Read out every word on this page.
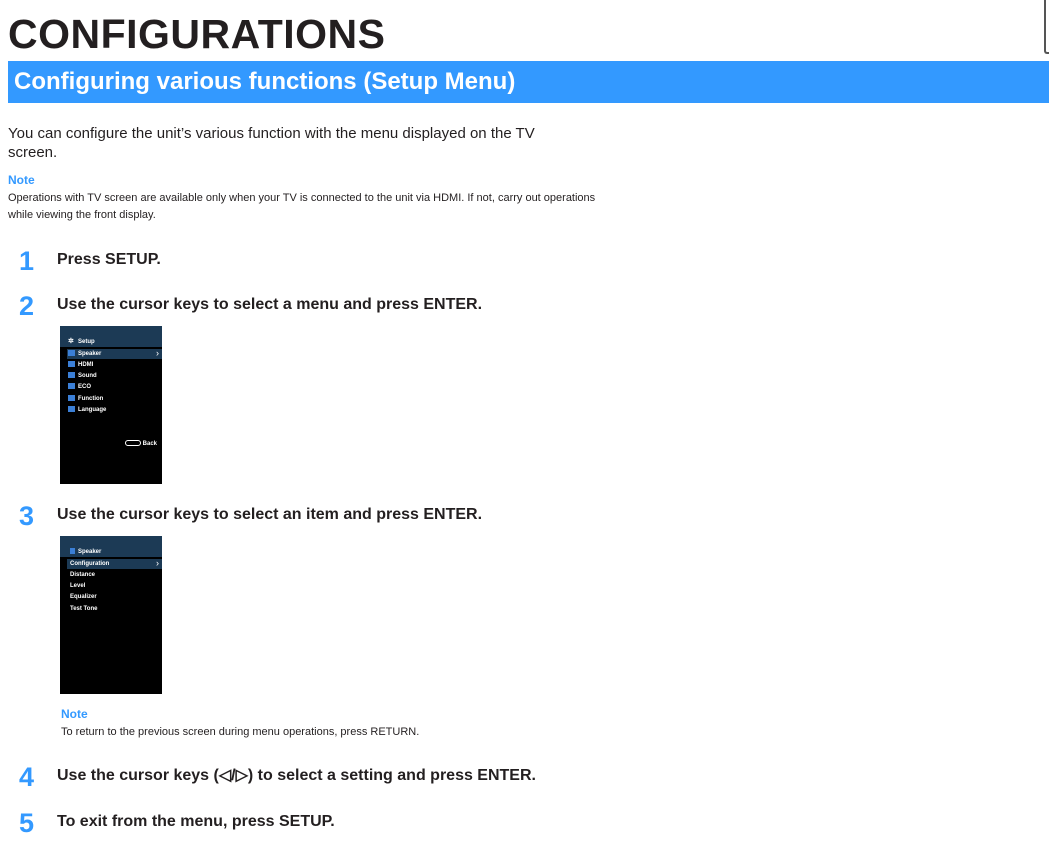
CONFIGURATIONS
Configuring various functions (Setup Menu)

You can configure the unit’s various function with the menu displayed on the TV screen.

Note

Operations with TV screen are available only when your TV is connected to the unit via HDMI. If not, carry out operations while viewing the front display.

1 Press SETUP.
2 Use the cursor keys to select a menu and press ENTER.
✲ Setup
›
Speaker
HDMI
Sound
ECO
Function
Language
Back
3 Use the cursor keys to select an item and press ENTER.
Speaker
›
Configuration
Distance
Level
Equalizer
Test Tone

Note

To return to the previous screen during menu operations, press RETURN.

4 Use the cursor keys (◁/▷) to select a setting and press ENTER.
5 To exit from the menu, press SETUP.
